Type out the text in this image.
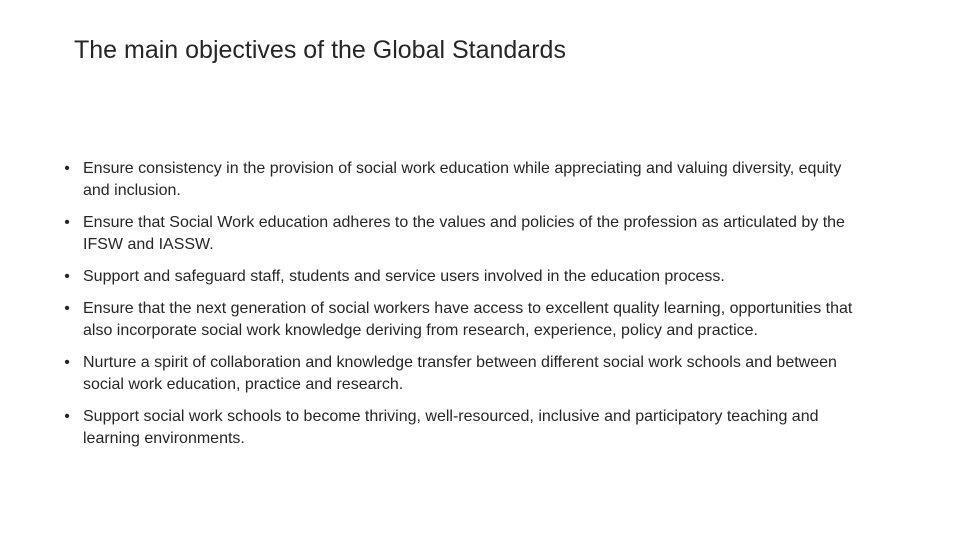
The main objectives of the Global Standards
• Ensure consistency in the provision of social work education while appreciating and valuing diversity, equity and inclusion.
• Ensure that Social Work education adheres to the values and policies of the profession as articulated by the IFSW and IASSW.
• Support and safeguard staff, students and service users involved in the education process.
• Ensure that the next generation of social workers have access to excellent quality learning, opportunities that also incorporate social work knowledge deriving from research, experience, policy and practice.
• Nurture a spirit of collaboration and knowledge transfer between different social work schools and between social work education, practice and research.
• Support social work schools to become thriving, well-resourced, inclusive and participatory teaching and learning environments.
